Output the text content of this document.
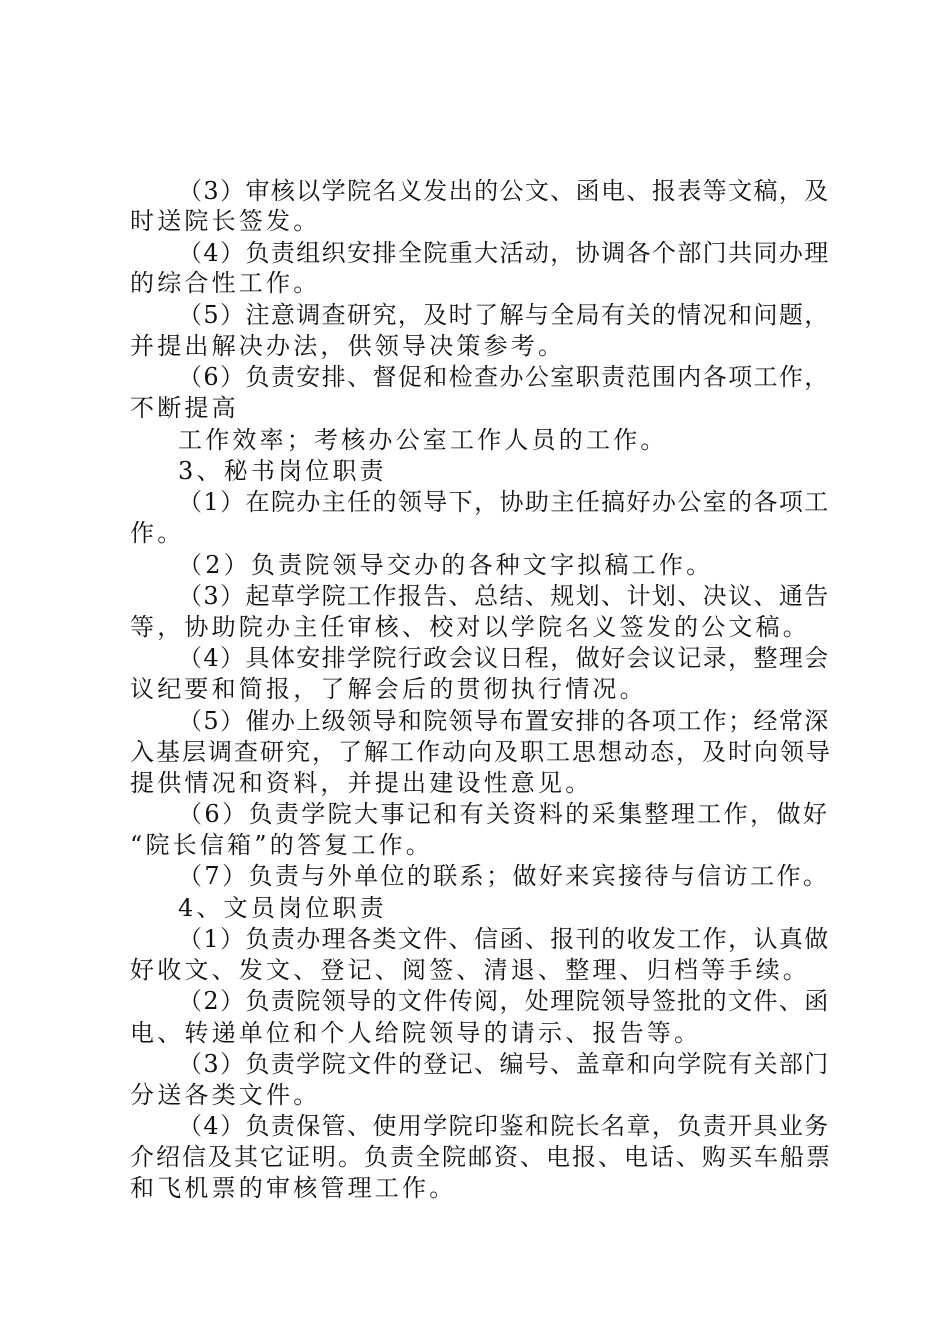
（3）审核以学院名义发出的公文、函电、报表等文稿，及
时送院长签发。
（4）负责组织安排全院重大活动，协调各个部门共同办理
的综合性工作。
（5）注意调查研究，及时了解与全局有关的情况和问题，
并提出解决办法，供领导决策参考。
（6）负责安排、督促和检查办公室职责范围内各项工作，
不断提高
工作效率；考核办公室工作人员的工作。
3、秘书岗位职责
（1）在院办主任的领导下，协助主任搞好办公室的各项工
作。
（2）负责院领导交办的各种文字拟稿工作。
（3）起草学院工作报告、总结、规划、计划、决议、通告
等，协助院办主任审核、校对以学院名义签发的公文稿。
（4）具体安排学院行政会议日程，做好会议记录，整理会
议纪要和简报，了解会后的贯彻执行情况。
（5）催办上级领导和院领导布置安排的各项工作；经常深
入基层调查研究，了解工作动向及职工思想动态，及时向领导
提供情况和资料，并提出建设性意见。
（6）负责学院大事记和有关资料的采集整理工作，做好
“院长信箱”的答复工作。
（7）负责与外单位的联系；做好来宾接待与信访工作。
4、文员岗位职责
（1）负责办理各类文件、信函、报刊的收发工作，认真做
好收文、发文、登记、阅签、清退、整理、归档等手续。
（2）负责院领导的文件传阅，处理院领导签批的文件、函
电、转递单位和个人给院领导的请示、报告等。
（3）负责学院文件的登记、编号、盖章和向学院有关部门
分送各类文件。
（4）负责保管、使用学院印鉴和院长名章，负责开具业务
介绍信及其它证明。负责全院邮资、电报、电话、购买车船票
和飞机票的审核管理工作。
